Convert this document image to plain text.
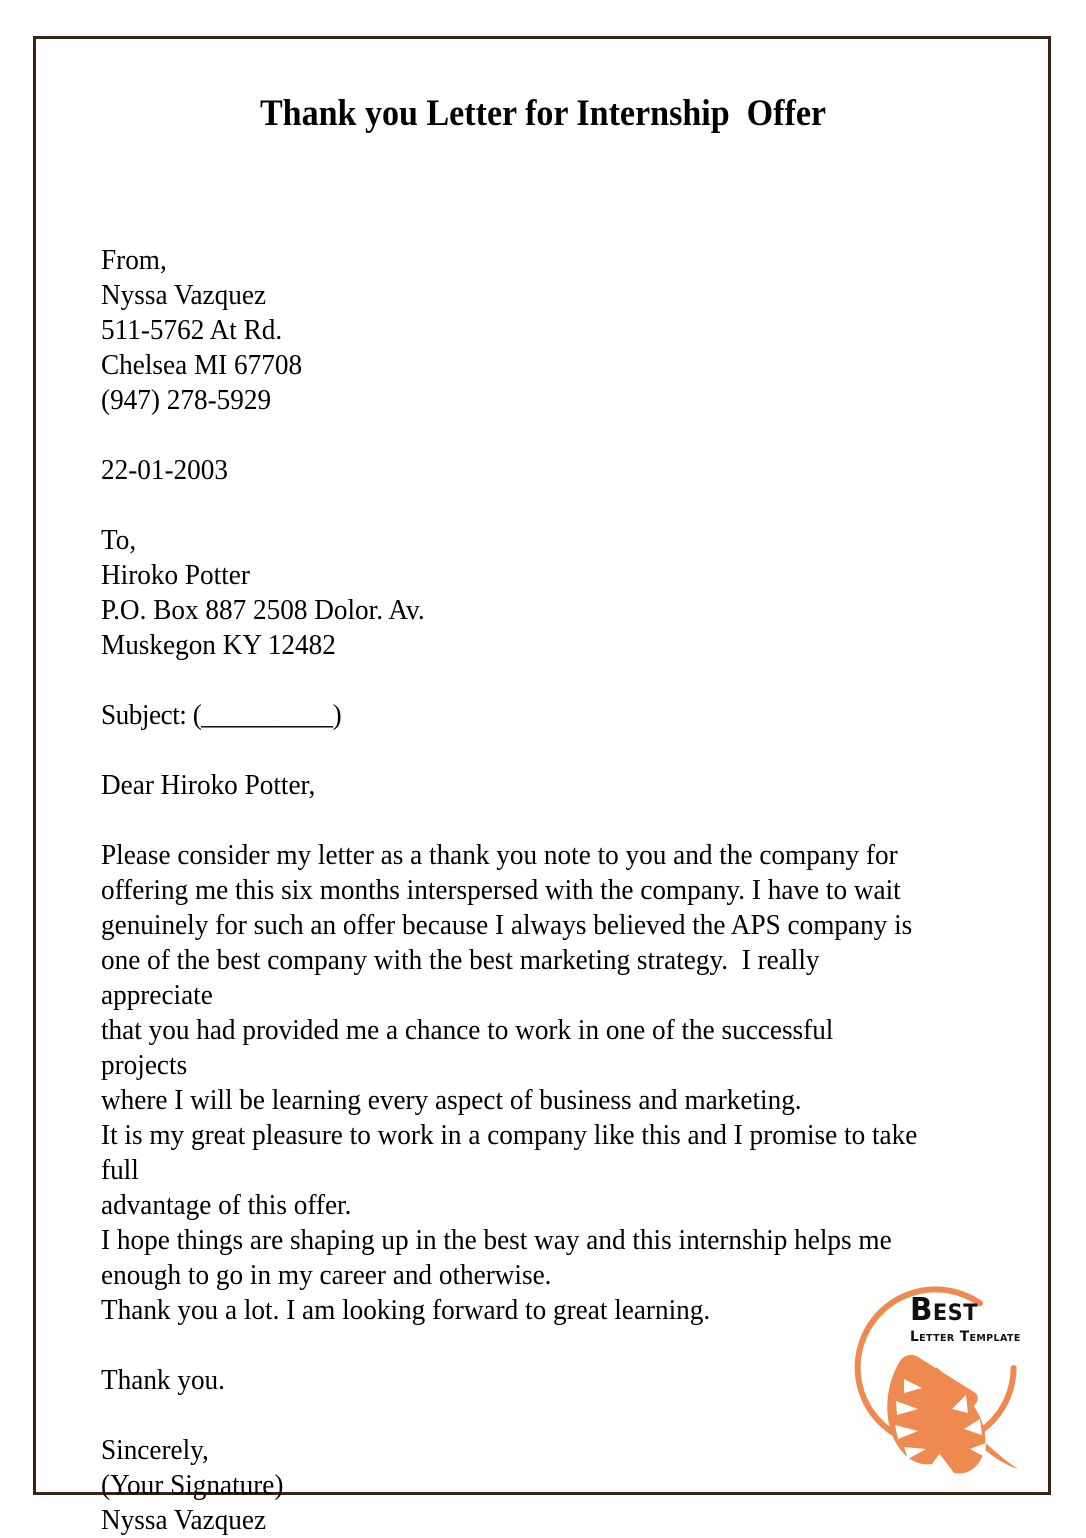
Thank you Letter for Internship  Offer
From,
Nyssa Vazquez
511-5762 At Rd.
Chelsea MI 67708
(947) 278-5929
22-01-2003
To,
Hiroko Potter
P.O. Box 887 2508 Dolor. Av.
Muskegon KY 12482
Subject: (__________)
Dear Hiroko Potter,
Please consider my letter as a thank you note to you and the company for
offering me this six months interspersed with the company. I have to wait
genuinely for such an offer because I always believed the APS company is
one of the best company with the best marketing strategy.  I really appreciate
that you had provided me a chance to work in one of the successful projects
where I will be learning every aspect of business and marketing.
It is my great pleasure to work in a company like this and I promise to take full
advantage of this offer.
I hope things are shaping up in the best way and this internship helps me
enough to go in my career and otherwise.
Thank you a lot. I am looking forward to great learning.
Thank you.
Sincerely,
(Your Signature)
Nyssa Vazquez
Best
Letter Template
